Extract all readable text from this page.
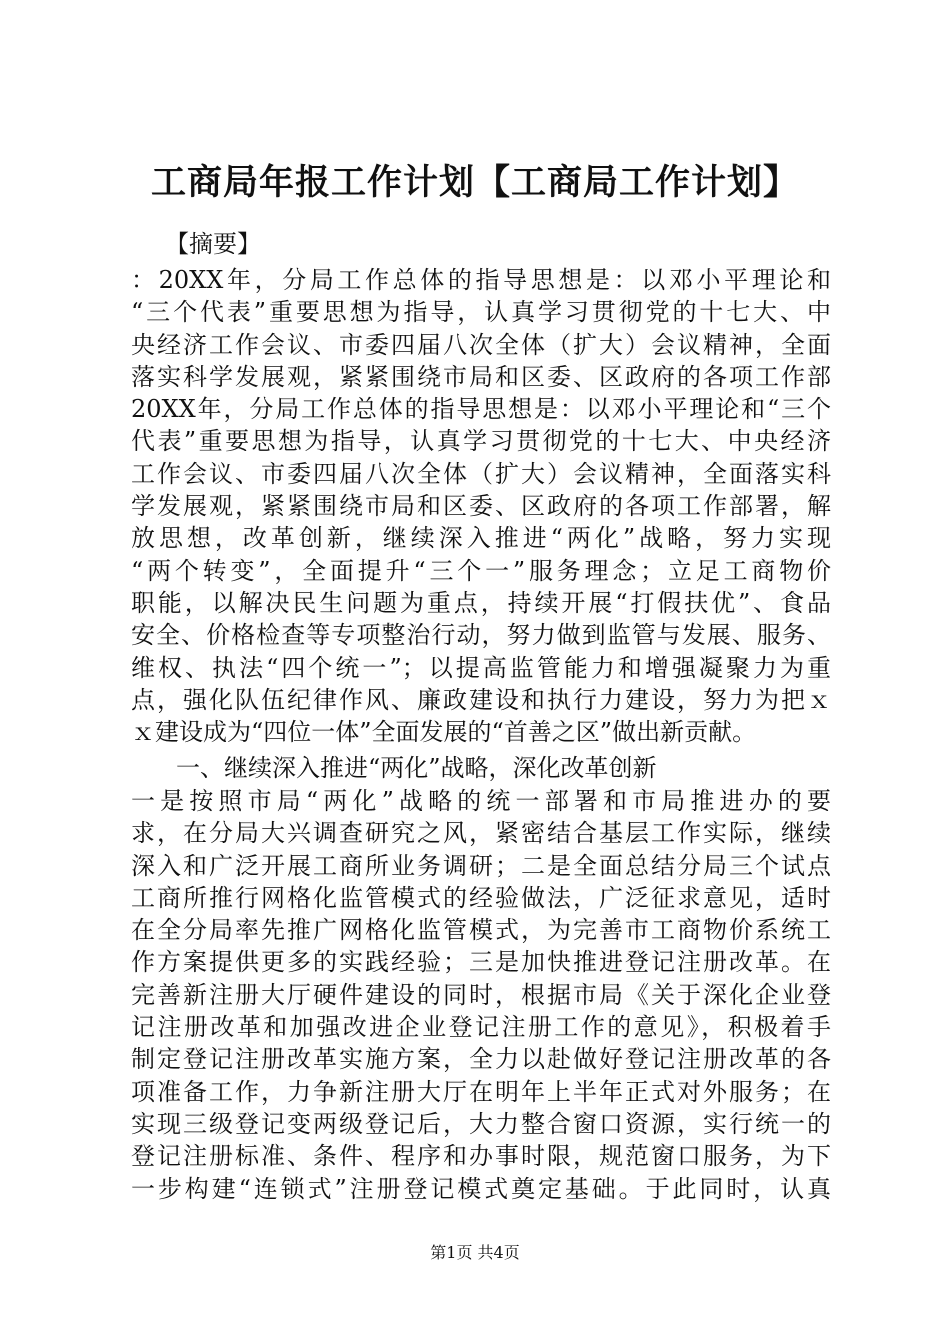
工商局年报工作计划【工商局工作计划】
【摘要】
：20XX年，分局工作总体的指导思想是：以邓小平理论和
“三个代表”重要思想为指导，认真学习贯彻党的十七大、中
央经济工作会议、市委四届八次全体（扩大）会议精神，全面
落实科学发展观，紧紧围绕市局和区委、区政府的各项工作部
20XX年，分局工作总体的指导思想是：以邓小平理论和“三个
代表”重要思想为指导，认真学习贯彻党的十七大、中央经济
工作会议、市委四届八次全体（扩大）会议精神，全面落实科
学发展观，紧紧围绕市局和区委、区政府的各项工作部署，解
放思想，改革创新，继续深入推进“两化”战略，努力实现
“两个转变”，全面提升“三个一”服务理念；立足工商物价
职能，以解决民生问题为重点，持续开展“打假扶优”、食品
安全、价格检查等专项整治行动，努力做到监管与发展、服务、
维权、执法“四个统一”；以提高监管能力和增强凝聚力为重
点，强化队伍纪律作风、廉政建设和执行力建设，努力为把ｘ
ｘ建设成为“四位一体”全面发展的“首善之区”做出新贡献。
一、继续深入推进“两化”战略，深化改革创新
一是按照市局“两化”战略的统一部署和市局推进办的要
求，在分局大兴调查研究之风，紧密结合基层工作实际，继续
深入和广泛开展工商所业务调研；二是全面总结分局三个试点
工商所推行网格化监管模式的经验做法，广泛征求意见，适时
在全分局率先推广网格化监管模式，为完善市工商物价系统工
作方案提供更多的实践经验；三是加快推进登记注册改革。在
完善新注册大厅硬件建设的同时，根据市局《关于深化企业登
记注册改革和加强改进企业登记注册工作的意见》，积极着手
制定登记注册改革实施方案，全力以赴做好登记注册改革的各
项准备工作，力争新注册大厅在明年上半年正式对外服务；在
实现三级登记变两级登记后，大力整合窗口资源，实行统一的
登记注册标准、条件、程序和办事时限，规范窗口服务，为下
一步构建“连锁式”注册登记模式奠定基础。于此同时，认真
第1页 共4页
